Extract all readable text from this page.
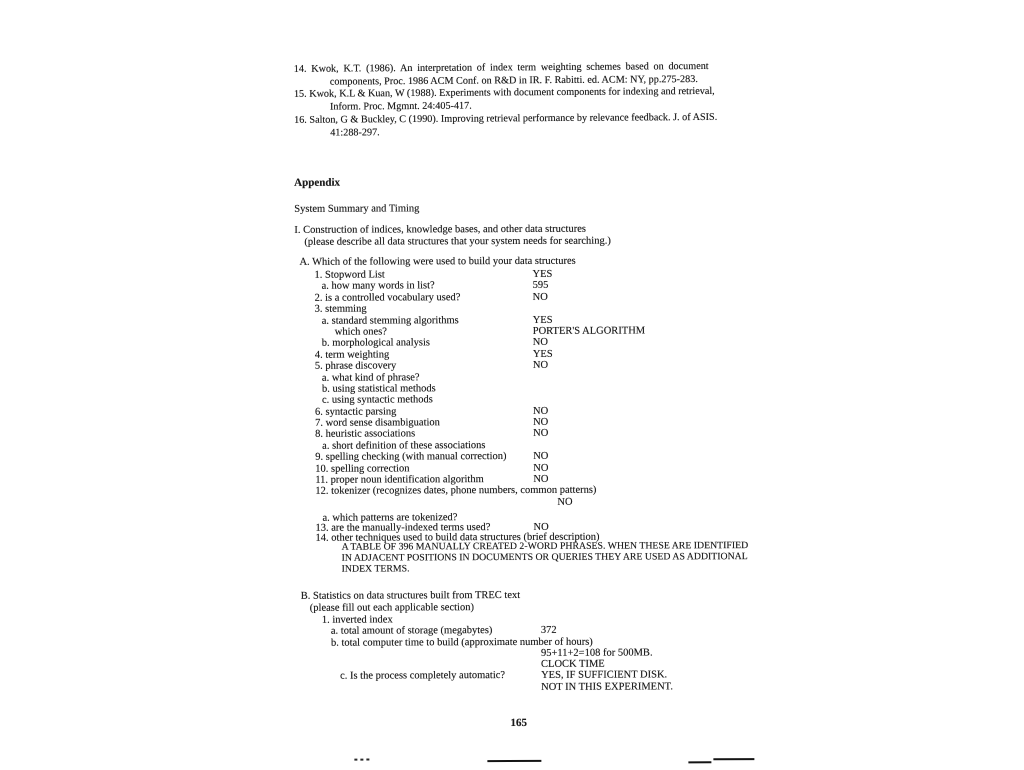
14. Kwok, K.T. (1986). An interpretation of index term weighting schemes based on document
components, Proc. 1986 ACM Conf. on R&D in IR. F. Rabitti. ed. ACM: NY, pp.275-283.
15. Kwok, K.L & Kuan, W (1988). Experiments with document components for indexing and retrieval,
Inform. Proc. Mgmnt. 24:405-417.
16. Salton, G & Buckley, C (1990). Improving retrieval performance by relevance feedback. J. of ASIS.
41:288-297.
Appendix
System Summary and Timing
I. Construction of indices, knowledge bases, and other data structures
(please describe all data structures that your system needs for searching.)
A. Which of the following were used to build your data structures
1. Stopword List	YES
a. how many words in list?	595
2. is a controlled vocabulary used?	NO
3. stemming
a. standard stemming algorithms	YES
which ones?	PORTER'S ALGORITHM
b. morphological analysis	NO
4. term weighting	YES
5. phrase discovery	NO
a. what kind of phrase?
b. using statistical methods
c. using syntactic methods
6. syntactic parsing	NO
7. word sense disambiguation	NO
8. heuristic associations	NO
a. short definition of these associations
9. spelling checking (with manual correction)	NO
10. spelling correction	NO
11. proper noun identification algorithm	NO
12. tokenizer (recognizes dates, phone numbers, common patterns)
NO
a. which patterns are tokenized?
13. are the manually-indexed terms used?	NO
14. other techniques used to build data structures (brief description)
A TABLE OF 396 MANUALLY CREATED 2-WORD PHRASES. WHEN THESE ARE IDENTIFIED
IN ADJACENT POSITIONS IN DOCUMENTS OR QUERIES THEY ARE USED AS ADDITIONAL
INDEX TERMS.
B. Statistics on data structures built from TREC text
(please fill out each applicable section)
1. inverted index
a. total amount of storage (megabytes)	372
b. total computer time to build (approximate number of hours)
95+11+2=108 for 500MB.
CLOCK TIME
c. Is the process completely automatic?	YES, IF SUFFICIENT DISK.
NOT IN THIS EXPERIMENT.
165
